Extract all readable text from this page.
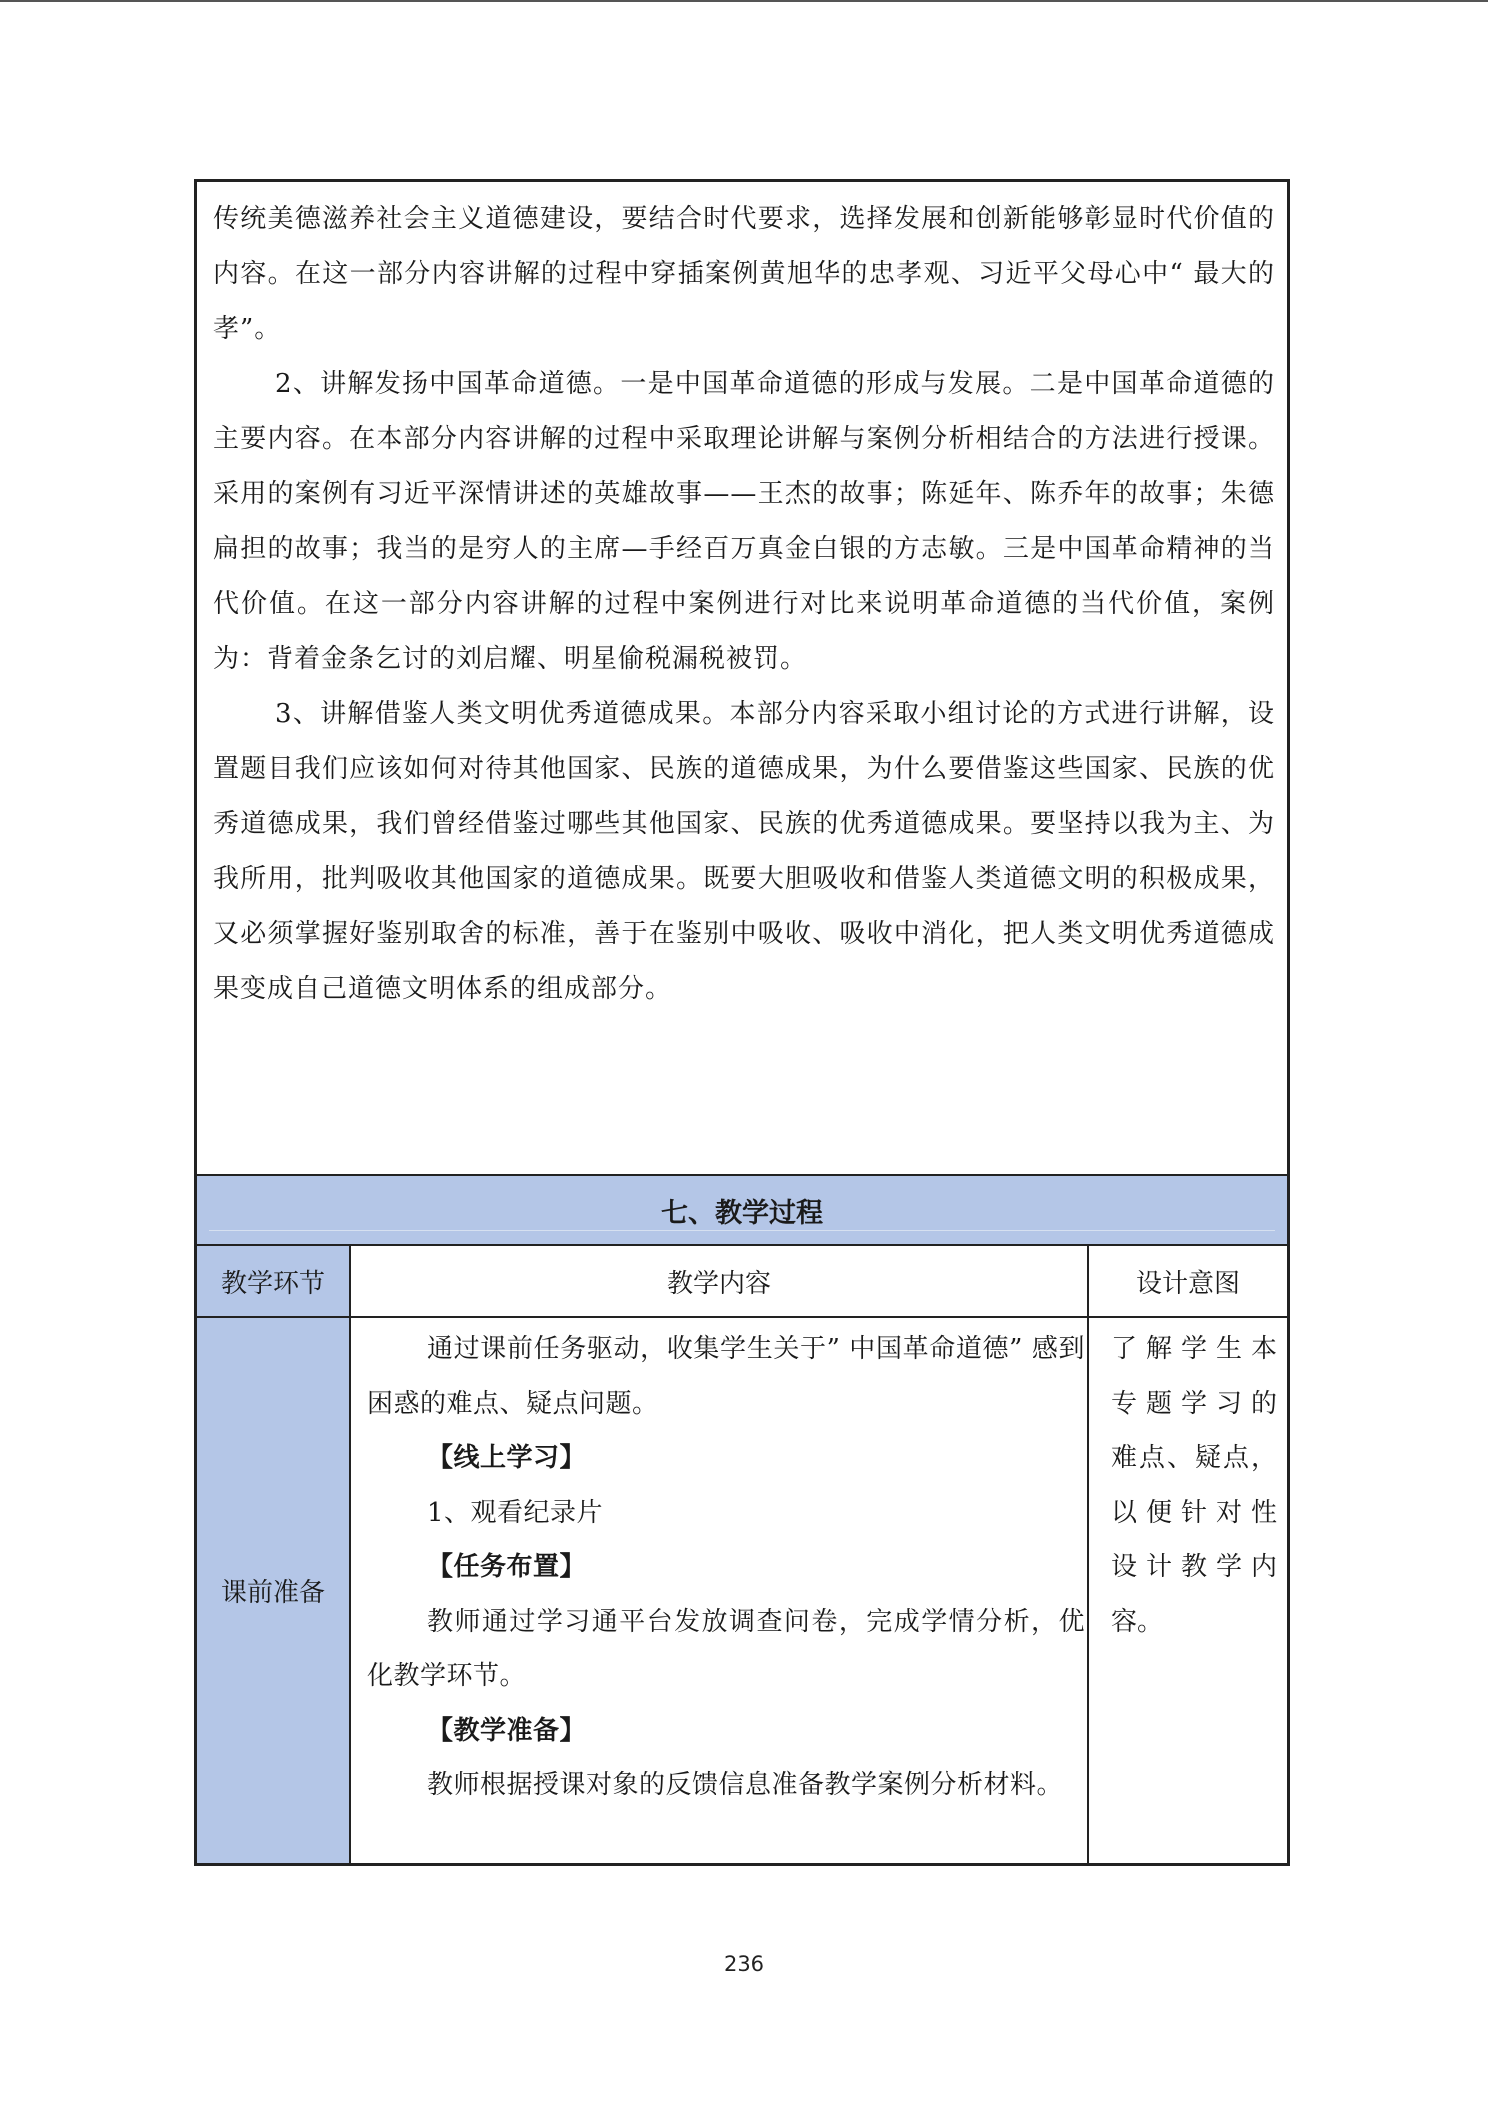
传统美德滋养社会主义道德建设，要结合时代要求，选择发展和创新能够彰显时代价值的内容。在这一部分内容讲解的过程中穿插案例黄旭华的忠孝观、习近平父母心中“ 最大的孝”。

2、讲解发扬中国革命道德。一是中国革命道德的形成与发展。二是中国革命道德的主要内容。在本部分内容讲解的过程中采取理论讲解与案例分析相结合的方法进行授课。采用的案例有习近平深情讲述的英雄故事——王杰的故事；陈延年、陈乔年的故事；朱德扁担的故事；我当的是穷人的主席—手经百万真金白银的方志敏。三是中国革命精神的当代价值。在这一部分内容讲解的过程中案例进行对比来说明革命道德的当代价值，案例为：背着金条乞讨的刘启耀、明星偷税漏税被罚。

3、讲解借鉴人类文明优秀道德成果。本部分内容采取小组讨论的方式进行讲解，设置题目我们应该如何对待其他国家、民族的道德成果，为什么要借鉴这些国家、民族的优秀道德成果，我们曾经借鉴过哪些其他国家、民族的优秀道德成果。要坚持以我为主、为我所用，批判吸收其他国家的道德成果。既要大胆吸收和借鉴人类道德文明的积极成果，又必须掌握好鉴别取舍的标准，善于在鉴别中吸收、吸收中消化，把人类文明优秀道德成果变成自己道德文明体系的组成部分。

七、教学过程
教学环节	教学内容	设计意图
课前准备

通过课前任务驱动，收集学生关于” 中国革命道德” 感到困惑的难点、疑点问题。

【线上学习】

1、观看纪录片

【任务布置】

教师通过学习通平台发放调查问卷，完成学情分析，优化教学环节。

【教学准备】

教师根据授课对象的反馈信息准备教学案例分析材料。

了解学生本
专题学习的
难点、疑点，
以便针对性
设计教学内
容。
236
